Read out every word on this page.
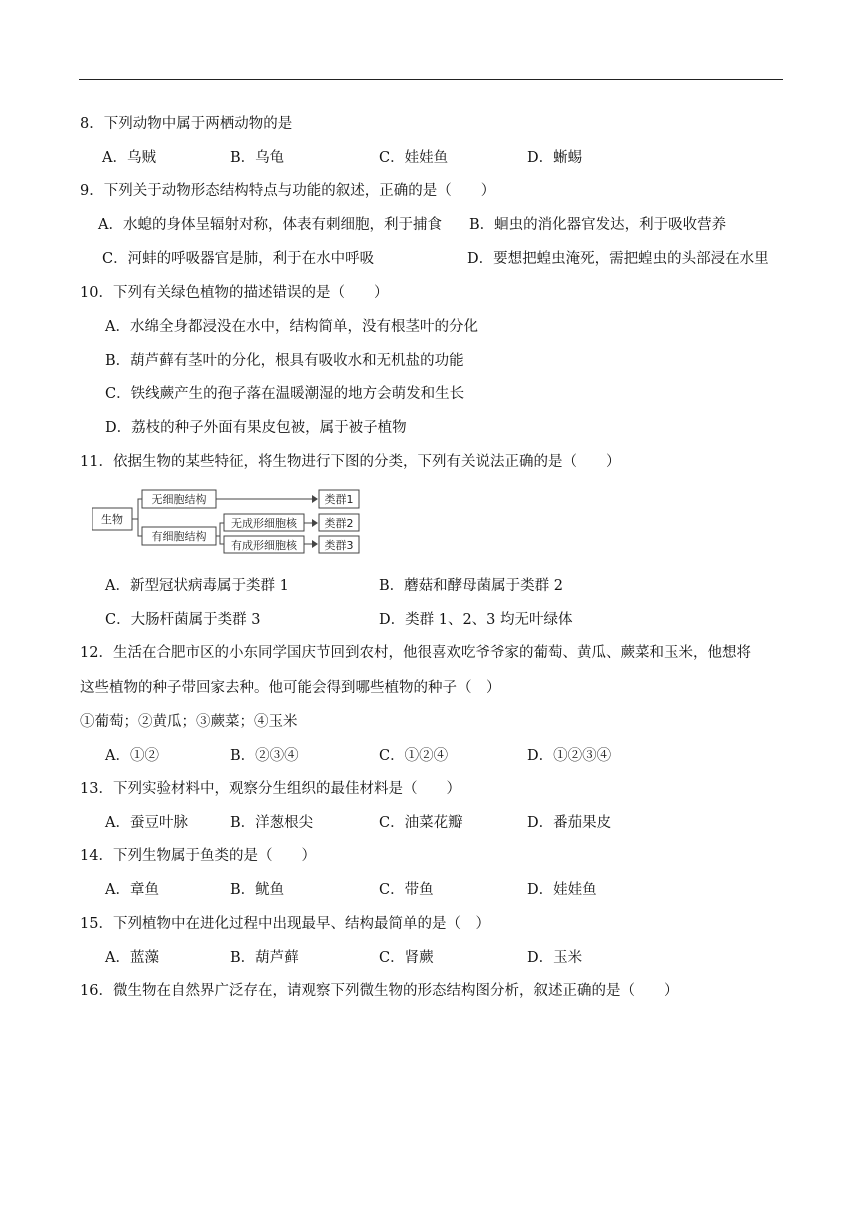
8．下列动物中属于两栖动物的是
A．乌贼	B．乌龟	C．娃娃鱼	D．蜥蜴
9．下列关于动物形态结构特点与功能的叙述，正确的是（　　）
A．水螅的身体呈辐射对称，体表有刺细胞，利于捕食 B．蛔虫的消化器官发达，利于吸收营养
C．河蚌的呼吸器官是肺，利于在水中呼吸	D．要想把蝗虫淹死，需把蝗虫的头部浸在水里
10．下列有关绿色植物的描述错误的是（　　）
A．水绵全身都浸没在水中，结构简单，没有根茎叶的分化
B．葫芦藓有茎叶的分化，根具有吸收水和无机盐的功能
C．铁线蕨产生的孢子落在温暖潮湿的地方会萌发和生长
D．荔枝的种子外面有果皮包被，属于被子植物
11．依据生物的某些特征，将生物进行下图的分类，下列有关说法正确的是（　　）
生物
无细胞结构
有细胞结构
无成形细胞核
有成形细胞核
类群1
类群2
类群3
A．新型冠状病毒属于类群 1	B．蘑菇和酵母菌属于类群 2
C．大肠杆菌属于类群 3	D．类群 1、2、3 均无叶绿体
12．生活在合肥市区的小东同学国庆节回到农村，他很喜欢吃爷爷家的葡萄、黄瓜、蕨菜和玉米，他想将
这些植物的种子带回家去种。他可能会得到哪些植物的种子（　）
①葡萄；②黄瓜；③蕨菜；④玉米
A．①②	B．②③④	C．①②④	D．①②③④
13．下列实验材料中，观察分生组织的最佳材料是（　　）
A．蚕豆叶脉	B．洋葱根尖	C．油菜花瓣	D．番茄果皮
14．下列生物属于鱼类的是（　　）
A．章鱼	B．鱿鱼	C．带鱼	D．娃娃鱼
15．下列植物中在进化过程中出现最早、结构最简单的是（　）
A．蓝藻	B．葫芦藓	C．肾蕨	D．玉米
16．微生物在自然界广泛存在，请观察下列微生物的形态结构图分析，叙述正确的是（　　）
